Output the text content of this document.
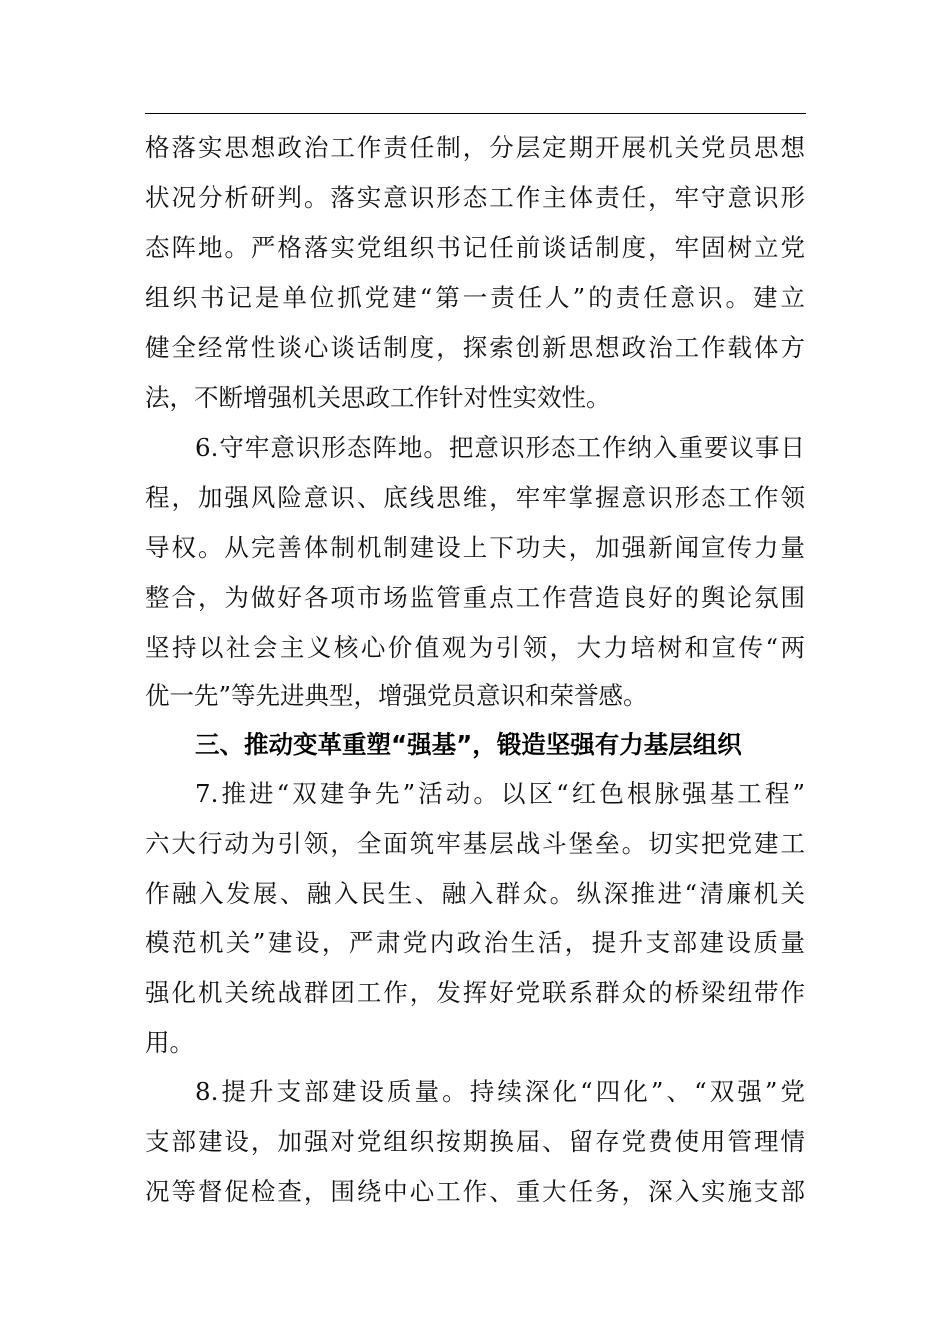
格落实思想政治工作责任制，分层定期开展机关党员思想
状况分析研判。落实意识形态工作主体责任，牢守意识形
态阵地。严格落实党组织书记任前谈话制度，牢固树立党
组织书记是单位抓党建“第一责任人”的责任意识。建立
健全经常性谈心谈话制度，探索创新思想政治工作载体方
法，不断增强机关思政工作针对性实效性。
6.守牢意识形态阵地。把意识形态工作纳入重要议事日
程，加强风险意识、底线思维，牢牢掌握意识形态工作领
导权。从完善体制机制建设上下功夫，加强新闻宣传力量
整合，为做好各项市场监管重点工作营造良好的舆论氛围
坚持以社会主义核心价值观为引领，大力培树和宣传“两
优一先”等先进典型，增强党员意识和荣誉感。
三、推动变革重塑“强基”，锻造坚强有力基层组织
7.推进“双建争先”活动。以区“红色根脉强基工程”
六大行动为引领，全面筑牢基层战斗堡垒。切实把党建工
作融入发展、融入民生、融入群众。纵深推进“清廉机关
模范机关”建设，严肃党内政治生活，提升支部建设质量
强化机关统战群团工作，发挥好党联系群众的桥梁纽带作
用。
8.提升支部建设质量。持续深化“四化”、“双强”党
支部建设，加强对党组织按期换届、留存党费使用管理情
况等督促检查，围绕中心工作、重大任务，深入实施支部
